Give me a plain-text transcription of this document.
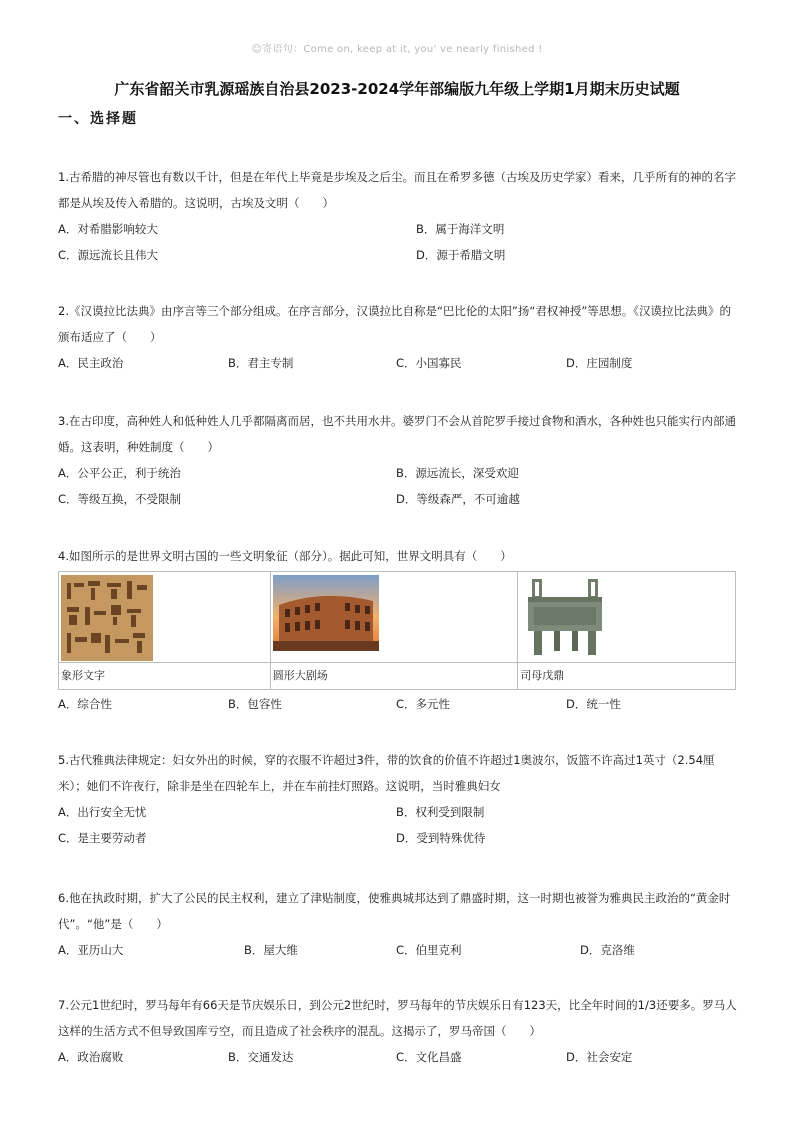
☺寄语句：Come on, keep at it, you' ve nearly finished !
广东省韶关市乳源瑶族自治县2023-2024学年部编版九年级上学期1月期末历史试题
一、选择题

1.古希腊的神尽管也有数以千计，但是在年代上毕竟是步埃及之后尘。而且在希罗多德（古埃及历史学家）看来，几乎所有的神的名字都是从埃及传入希腊的。这说明，古埃及文明（　　）

A．对希腊影响较大	B．属于海洋文明
C．源远流长且伟大	D．源于希腊文明

2.《汉谟拉比法典》由序言等三个部分组成。在序言部分，汉谟拉比自称是“巴比伦的太阳”扬“君权神授”等思想。《汉谟拉比法典》的颁布适应了（　　）

A．民主政治	B．君主专制	C．小国寡民	D．庄园制度

3.在古印度，高种姓人和低种姓人几乎都隔离而居，也不共用水井。婆罗门不会从首陀罗手接过食物和酒水，各种姓也只能实行内部通婚。这表明，种姓制度（　　）

A．公平公正，利于统治	B．源远流长，深受欢迎
C．等级互换，不受限制	D．等级森严，不可逾越

4.如图所示的是世界文明古国的一些文明象征（部分）。据此可知，世界文明具有（　　）

象形文字	圆形大剧场	司母戊鼎
A．综合性	B．包容性	C．多元性	D．统一性

5.古代雅典法律规定：妇女外出的时候，穿的衣服不许超过3件，带的饮食的价值不许超过1奥波尔，饭篮不许高过1英寸（2.54厘米）；她们不许夜行，除非是坐在四轮车上，并在车前挂灯照路。这说明，当时雅典妇女

A．出行安全无忧	B．权利受到限制
C．是主要劳动者	D．受到特殊优待

6.他在执政时期，扩大了公民的民主权利，建立了津贴制度，使雅典城邦达到了鼎盛时期，这一时期也被誉为雅典民主政治的“黄金时代”。“他”是（　　）

A．亚历山大	B．屋大维	C．伯里克利	D．克洛维

7.公元1世纪时，罗马每年有66天是节庆娱乐日，到公元2世纪时，罗马每年的节庆娱乐日有123天，比全年时间的1/3还要多。罗马人这样的生活方式不但导致国库亏空，而且造成了社会秩序的混乱。这揭示了，罗马帝国（　　）

A．政治腐败	B．交通发达	C．文化昌盛	D．社会安定
